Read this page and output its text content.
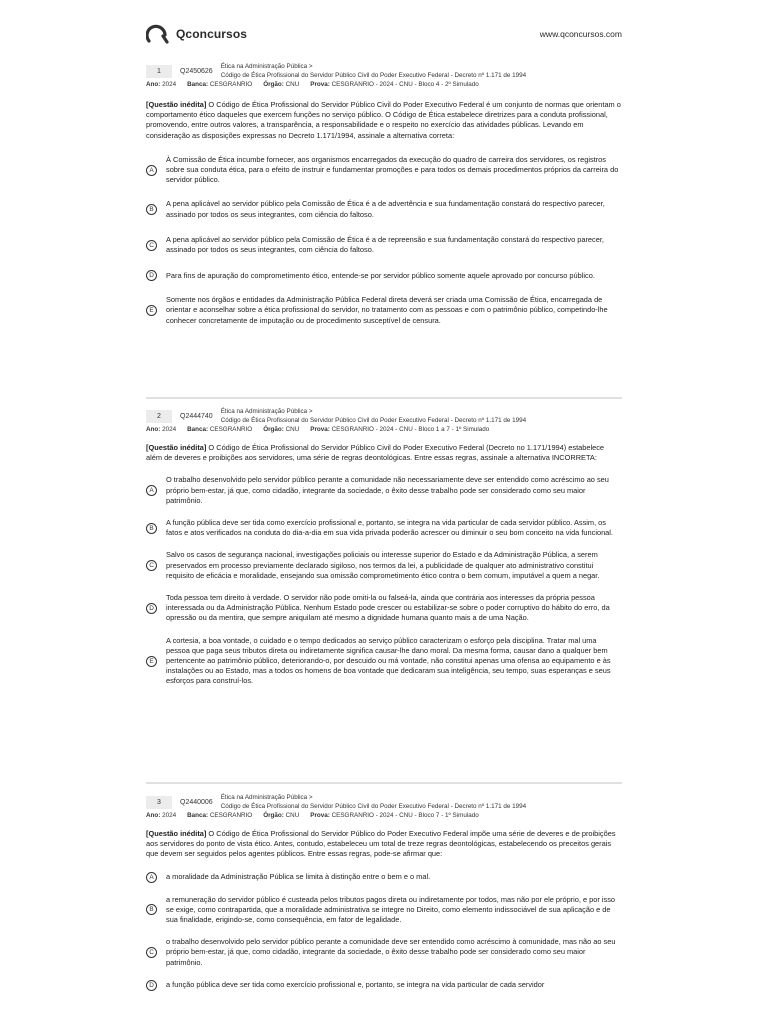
Qconcursos	www.qconcursos.com
1	Q2450626
Ética na Administração Pública >
Código de Ética Profissional do Servidor Público Civil do Poder Executivo Federal - Decreto nº 1.171 de 1994
Ano: 2024 Banca: CESGRANRIO Órgão: CNU Prova: CESGRANRIO - 2024 - CNU - Bloco 4 - 2º Simulado
[Questão inédita] O Código de Ética Profissional do Servidor Público Civil do Poder Executivo Federal é um conjunto de normas que orientam o comportamento ético daqueles que exercem funções no serviço público. O Código de Ética estabelece diretrizes para a conduta profissional, promovendo, entre outros valores, a transparência, a responsabilidade e o respeito no exercício das atividades públicas. Levando em consideração as disposições expressas no Decreto 1.171/1994, assinale a alternativa correta:
A
À Comissão de Ética incumbe fornecer, aos organismos encarregados da execução do quadro de carreira dos servidores, os registros sobre sua conduta ética, para o efeito de instruir e fundamentar promoções e para todos os demais procedimentos próprios da carreira do servidor público.
B
A pena aplicável ao servidor público pela Comissão de Ética é a de advertência e sua fundamentação constará do respectivo parecer, assinado por todos os seus integrantes, com ciência do faltoso.
C
A pena aplicável ao servidor público pela Comissão de Ética é a de repreensão e sua fundamentação constará do respectivo parecer, assinado por todos os seus integrantes, com ciência do faltoso.
D	Para fins de apuração do comprometimento ético, entende-se por servidor público somente aquele aprovado por concurso público.
E
Somente nos órgãos e entidades da Administração Pública Federal direta deverá ser criada uma Comissão de Ética, encarregada de orientar e aconselhar sobre a ética profissional do servidor, no tratamento com as pessoas e com o patrimônio público, competindo-lhe conhecer concretamente de imputação ou de procedimento susceptível de censura.
2	Q2444740
Ética na Administração Pública >
Código de Ética Profissional do Servidor Público Civil do Poder Executivo Federal - Decreto nº 1.171 de 1994
Ano: 2024 Banca: CESGRANRIO Órgão: CNU Prova: CESGRANRIO - 2024 - CNU - Bloco 1 a 7 - 1º Simulado
[Questão inédita] O Código de Ética Profissional do Servidor Público Civil do Poder Executivo Federal (Decreto no 1.171/1994) estabelece além de deveres e proibições aos servidores, uma série de regras deontológicas. Entre essas regras, assinale a alternativa INCORRETA:
A
O trabalho desenvolvido pelo servidor público perante a comunidade não necessariamente deve ser entendido como acréscimo ao seu próprio bem-estar, já que, como cidadão, integrante da sociedade, o êxito desse trabalho pode ser considerado como seu maior patrimônio.
B
A função pública deve ser tida como exercício profissional e, portanto, se integra na vida particular de cada servidor público. Assim, os fatos e atos verificados na conduta do dia-a-dia em sua vida privada poderão acrescer ou diminuir o seu bom conceito na vida funcional.
C
Salvo os casos de segurança nacional, investigações policiais ou interesse superior do Estado e da Administração Pública, a serem preservados em processo previamente declarado sigiloso, nos termos da lei, a publicidade de qualquer ato administrativo constitui requisito de eficácia e moralidade, ensejando sua omissão comprometimento ético contra o bem comum, imputável a quem a negar.
D
Toda pessoa tem direito à verdade. O servidor não pode omiti-la ou falseá-la, ainda que contrária aos interesses da própria pessoa interessada ou da Administração Pública. Nenhum Estado pode crescer ou estabilizar-se sobre o poder corruptivo do hábito do erro, da opressão ou da mentira, que sempre aniquilam até mesmo a dignidade humana quanto mais a de uma Nação.
E
A cortesia, a boa vontade, o cuidado e o tempo dedicados ao serviço público caracterizam o esforço pela disciplina. Tratar mal uma pessoa que paga seus tributos direta ou indiretamente significa causar-lhe dano moral. Da mesma forma, causar dano a qualquer bem pertencente ao patrimônio público, deteriorando-o, por descuido ou má vontade, não constitui apenas uma ofensa ao equipamento e às instalações ou ao Estado, mas a todos os homens de boa vontade que dedicaram sua inteligência, seu tempo, suas esperanças e seus esforços para construí-los.
3	Q2440006
Ética na Administração Pública >
Código de Ética Profissional do Servidor Público Civil do Poder Executivo Federal - Decreto nº 1.171 de 1994
Ano: 2024 Banca: CESGRANRIO Órgão: CNU Prova: CESGRANRIO - 2024 - CNU - Bloco 7 - 1º Simulado
[Questão inédita] O Código de Ética Profissional do Servidor Público do Poder Executivo Federal impõe uma série de deveres e de proibições aos servidores do ponto de vista ético. Antes, contudo, estabeleceu um total de treze regras deontológicas, estabelecendo os preceitos gerais que devem ser seguidos pelos agentes públicos. Entre essas regras, pode-se afirmar que:
A	a moralidade da Administração Pública se limita à distinção entre o bem e o mal.
B
a remuneração do servidor público é custeada pelos tributos pagos direta ou indiretamente por todos, mas não por ele próprio, e por isso se exige, como contrapartida, que a moralidade administrativa se integre no Direito, como elemento indissociável de sua aplicação e de sua finalidade, erigindo-se, como consequência, em fator de legalidade.
C
o trabalho desenvolvido pelo servidor público perante a comunidade deve ser entendido como acréscimo à comunidade, mas não ao seu próprio bem-estar, já que, como cidadão, integrante da sociedade, o êxito desse trabalho pode ser considerado como seu maior patrimônio.
D	a função pública deve ser tida como exercício profissional e, portanto, se integra na vida particular de cada servidor
